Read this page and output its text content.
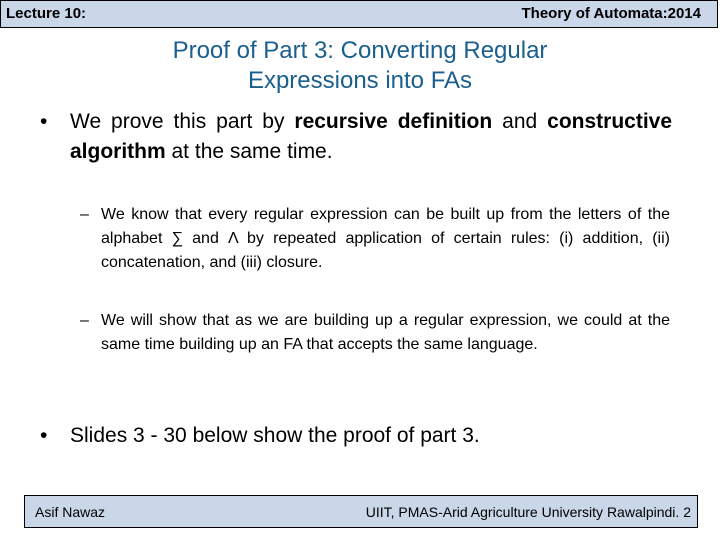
Lecture 10:	Theory of Automata:2014
Proof of Part 3: Converting Regular
Expressions into FAs
• We prove this part by recursive definition and constructive algorithm at the same time.
– We know that every regular expression can be built up from the letters of the alphabet ∑ and Λ by repeated application of certain rules: (i) addition, (ii) concatenation, and (iii) closure.
– We will show that as we are building up a regular expression, we could at the same time building up an FA that accepts the same language.
• Slides 3 - 30 below show the proof of part 3.
Asif Nawaz	UIIT, PMAS-Arid Agriculture University Rawalpindi. 2
